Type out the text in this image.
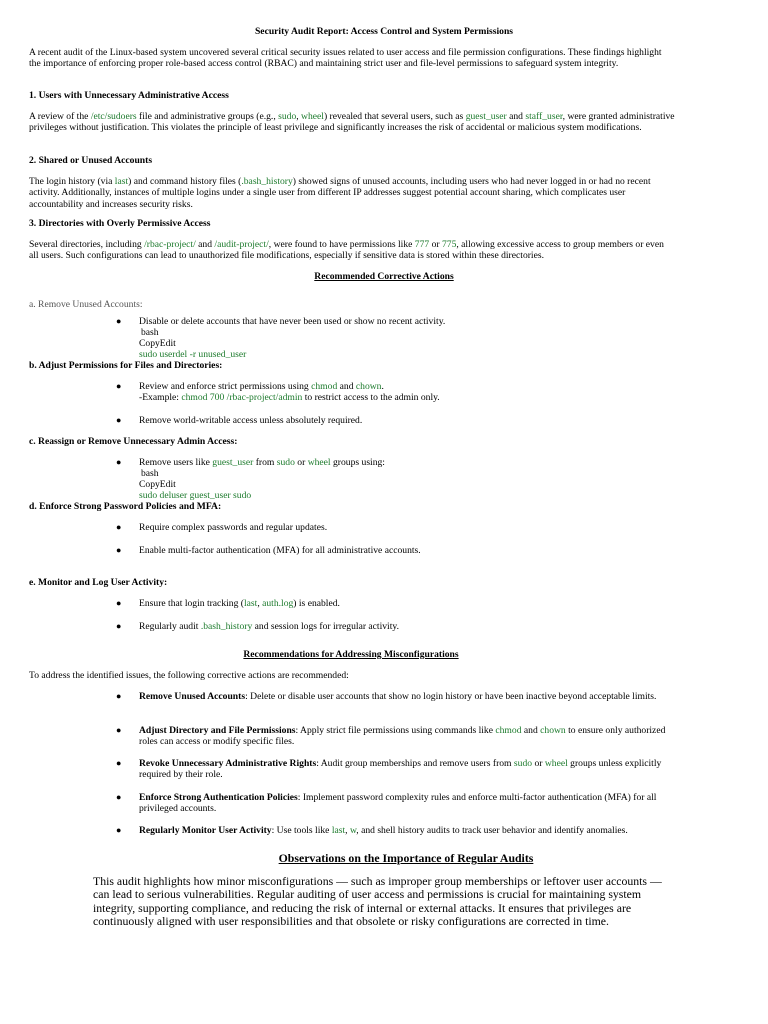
Security Audit Report: Access Control and System Permissions

A recent audit of the Linux-based system uncovered several critical security issues related to user access and file permission configurations. These findings highlight the importance of enforcing proper role-based access control (RBAC) and maintaining strict user and file-level permissions to safeguard system integrity.

1. Users with Unnecessary Administrative Access

A review of the /etc/sudoers file and administrative groups (e.g., sudo, wheel) revealed that several users, such as guest_user and staff_user, were granted administrative privileges without justification. This violates the principle of least privilege and significantly increases the risk of accidental or malicious system modifications.

2. Shared or Unused Accounts

The login history (via last) and command history files (.bash_history) showed signs of unused accounts, including users who had never logged in or had no recent activity. Additionally, instances of multiple logins under a single user from different IP addresses suggest potential account sharing, which complicates user accountability and increases security risks.

3. Directories with Overly Permissive Access

Several directories, including /rbac-project/ and /audit-project/, were found to have permissions like 777 or 775, allowing excessive access to group members or even all users. Such configurations can lead to unauthorized file modifications, especially if sensitive data is stored within these directories.

Recommended Corrective Actions
a. Remove Unused Accounts:
● Disable or delete accounts that have never been used or show no recent activity.
bash
CopyEdit
sudo userdel -r unused_user
b. Adjust Permissions for Files and Directories:
● Review and enforce strict permissions using chmod and chown.
-Example: chmod 700 /rbac-project/admin to restrict access to the admin only.
● Remove world-writable access unless absolutely required.
c. Reassign or Remove Unnecessary Admin Access:
● Remove users like guest_user from sudo or wheel groups using:
bash
CopyEdit
sudo deluser guest_user sudo
d. Enforce Strong Password Policies and MFA:
● Require complex passwords and regular updates.
● Enable multi-factor authentication (MFA) for all administrative accounts.
e. Monitor and Log User Activity:
● Ensure that login tracking (last, auth.log) is enabled.
● Regularly audit .bash_history and session logs for irregular activity.
Recommendations for Addressing Misconfigurations
To address the identified issues, the following corrective actions are recommended:
● Remove Unused Accounts: Delete or disable user accounts that show no login history or have been inactive beyond acceptable limits.

● Adjust Directory and File Permissions: Apply strict file permissions using commands like chmod and chown to ensure only authorized roles can access or modify specific files.

● Revoke Unnecessary Administrative Rights: Audit group memberships and remove users from sudo or wheel groups unless explicitly required by their role.

● Enforce Strong Authentication Policies: Implement password complexity rules and enforce multi-factor authentication (MFA) for all privileged accounts.

● Regularly Monitor User Activity: Use tools like last, w, and shell history audits to track user behavior and identify anomalies.

Observations on the Importance of Regular Audits

This audit highlights how minor misconfigurations — such as improper group memberships or leftover user accounts — can lead to serious vulnerabilities. Regular auditing of user access and permissions is crucial for maintaining system integrity, supporting compliance, and reducing the risk of internal or external attacks. It ensures that privileges are continuously aligned with user responsibilities and that obsolete or risky configurations are corrected in time.
